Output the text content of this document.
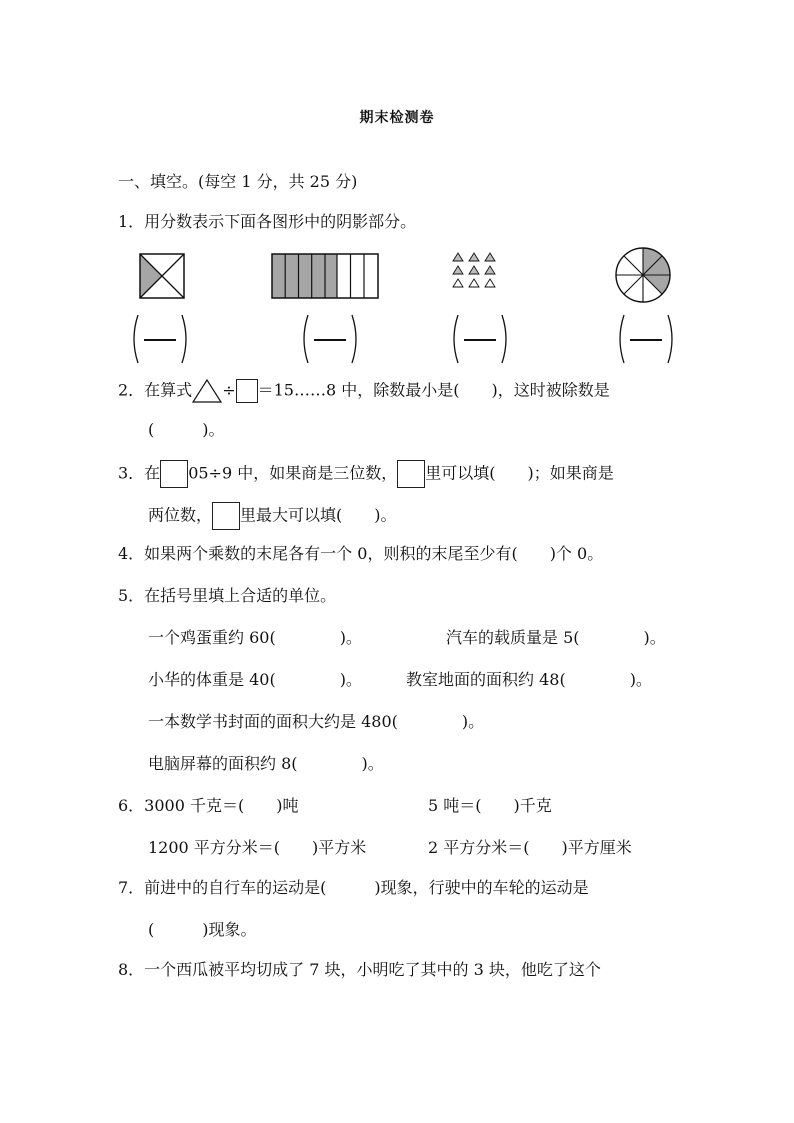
期末检测卷
一、填空。(每空 1 分，共 25 分)
1．用分数表示下面各图形中的阴影部分。
2．在算式 ÷ ＝15……8 中，除数最小是(　　)，这时被除数是
(　　　)。
3．在 05÷9 中，如果商是三位数， 里可以填(　　)；如果商是
两位数， 里最大可以填(　　)。
4．如果两个乘数的末尾各有一个 0，则积的末尾至少有(　　)个 0。
5．在括号里填上合适的单位。
一个鸡蛋重约 60(　　　　)。	汽车的载质量是 5(　　　　)。
小华的体重是 40(　　　　)。	教室地面的面积约 48(　　　　)。
一本数学书封面的面积大约是 480(　　　　)。
电脑屏幕的面积约 8(　　　　)。
6．3000 千克＝(　　)吨	5 吨＝(　　)千克
1200 平方分米＝(　　)平方米	2 平方分米＝(　　)平方厘米
7．前进中的自行车的运动是(　　　)现象，行驶中的车轮的运动是
(　　　)现象。
8．一个西瓜被平均切成了 7 块，小明吃了其中的 3 块，他吃了这个
